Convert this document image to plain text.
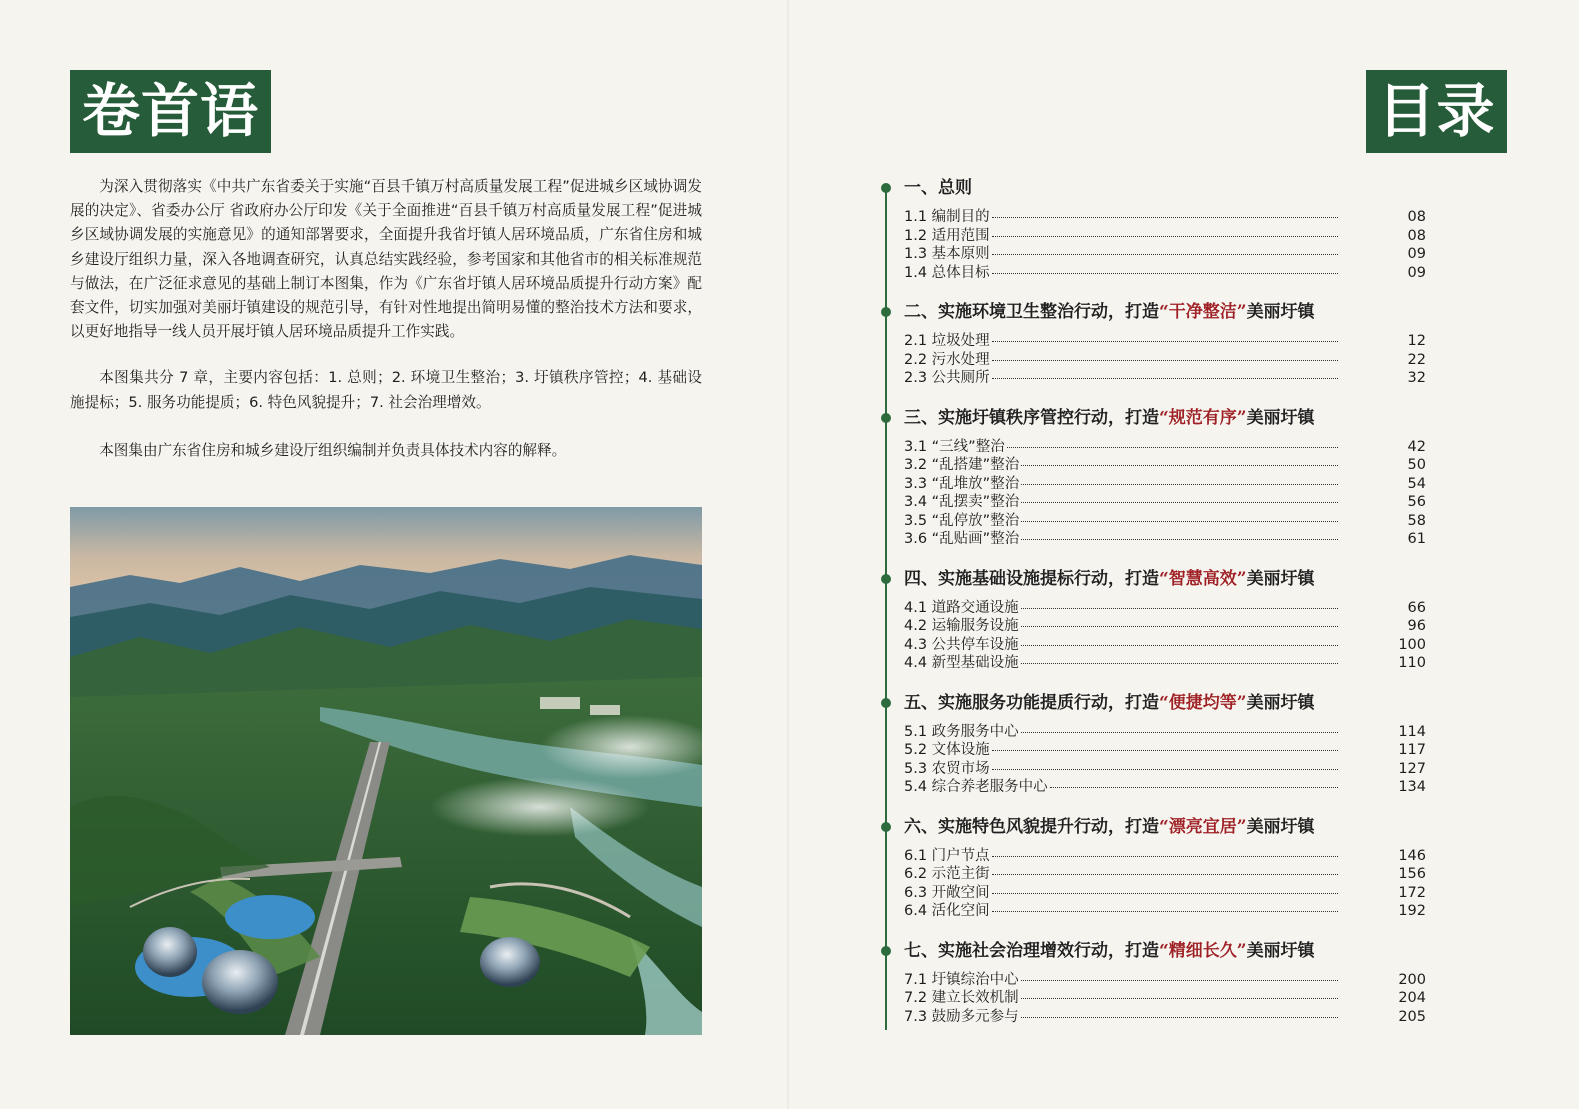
卷首语

为深入贯彻落实《中共广东省委关于实施“百县千镇万村高质量发展工程”促进城乡区域协调发展的决定》、省委办公厅 省政府办公厅印发《关于全面推进“百县千镇万村高质量发展工程”促进城乡区域协调发展的实施意见》的通知部署要求，全面提升我省圩镇人居环境品质，广东省住房和城乡建设厅组织力量，深入各地调查研究，认真总结实践经验，参考国家和其他省市的相关标准规范与做法，在广泛征求意见的基础上制订本图集，作为《广东省圩镇人居环境品质提升行动方案》配套文件，切实加强对美丽圩镇建设的规范引导，有针对性地提出简明易懂的整治技术方法和要求，以更好地指导一线人员开展圩镇人居环境品质提升工作实践。

本图集共分 7 章，主要内容包括：1. 总则；2. 环境卫生整治；3. 圩镇秩序管控；4. 基础设施提标；5. 服务功能提质；6. 特色风貌提升；7. 社会治理增效。

本图集由广东省住房和城乡建设厅组织编制并负责具体技术内容的解释。

目录
一、总则
1.1 编制目的	08
1.2 适用范围	08
1.3 基本原则	09
1.4 总体目标	09
二、实施环境卫生整治行动，打造“干净整洁”美丽圩镇
2.1 垃圾处理	12
2.2 污水处理	22
2.3 公共厕所	32
三、实施圩镇秩序管控行动，打造“规范有序”美丽圩镇
3.1 “三线”整治	42
3.2 “乱搭建”整治	50
3.3 “乱堆放”整治	54
3.4 “乱摆卖”整治	56
3.5 “乱停放”整治	58
3.6 “乱贴画”整治	61
四、实施基础设施提标行动，打造“智慧高效”美丽圩镇
4.1 道路交通设施	66
4.2 运输服务设施	96
4.3 公共停车设施	100
4.4 新型基础设施	110
五、实施服务功能提质行动，打造“便捷均等”美丽圩镇
5.1 政务服务中心	114
5.2 文体设施	117
5.3 农贸市场	127
5.4 综合养老服务中心	134
六、实施特色风貌提升行动，打造“漂亮宜居”美丽圩镇
6.1 门户节点	146
6.2 示范主街	156
6.3 开敞空间	172
6.4 活化空间	192
七、实施社会治理增效行动，打造“精细长久”美丽圩镇
7.1 圩镇综治中心	200
7.2 建立长效机制	204
7.3 鼓励多元参与	205
